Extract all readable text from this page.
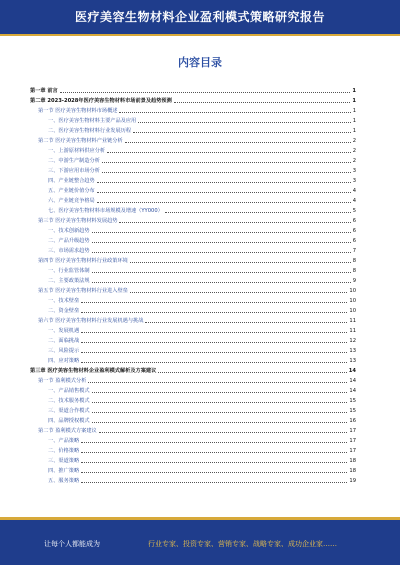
医疗美容生物材料企业盈利模式策略研究报告
内容目录
第一章 前言	1
第二章 2023-2028年医疗美容生物材料市场前景及趋势预测	1
第一节 医疗美容生物材料市场概述	1
一、医疗美容生物材料主要产品及应用	1
二、医疗美容生物材料行业发展历程	1
第二节 医疗美容生物材料产业链分析	2
一、上游原材料供应分析	2
二、中游生产制造分析	2
三、下游应用市场分析	3
四、产业链整合趋势	3
五、产业链价值分布	4
六、产业链竞争格局	4
七、医疗美容生物材料市场规模及增速（YY000）	5
第三节 医疗美容生物材料发展趋势	6
一、技术创新趋势	6
二、产品升级趋势	6
三、市场需求趋势	7
第四节 医疗美容生物材料行业政策环境	8
一、行业监管体制	8
二、主要政策法规	9
第五节 医疗美容生物材料行业进入壁垒	10
一、技术壁垒	10
二、资金壁垒	10
第六节 医疗美容生物材料行业发展机遇与挑战	11
一、发展机遇	11
二、面临挑战	12
三、风险提示	13
四、应对策略	13
第三章 医疗美容生物材料企业盈利模式解析及方案建议	14
第一节 盈利模式分析	14
一、产品销售模式	14
二、技术服务模式	15
三、渠道合作模式	15
四、品牌授权模式	16
第二节 盈利模式方案建议	17
一、产品策略	17
二、价格策略	17
三、渠道策略	18
四、推广策略	18
五、服务策略	19
让每个人都能成为	行业专家、投资专家、营销专家、战略专家、成功企业家……
